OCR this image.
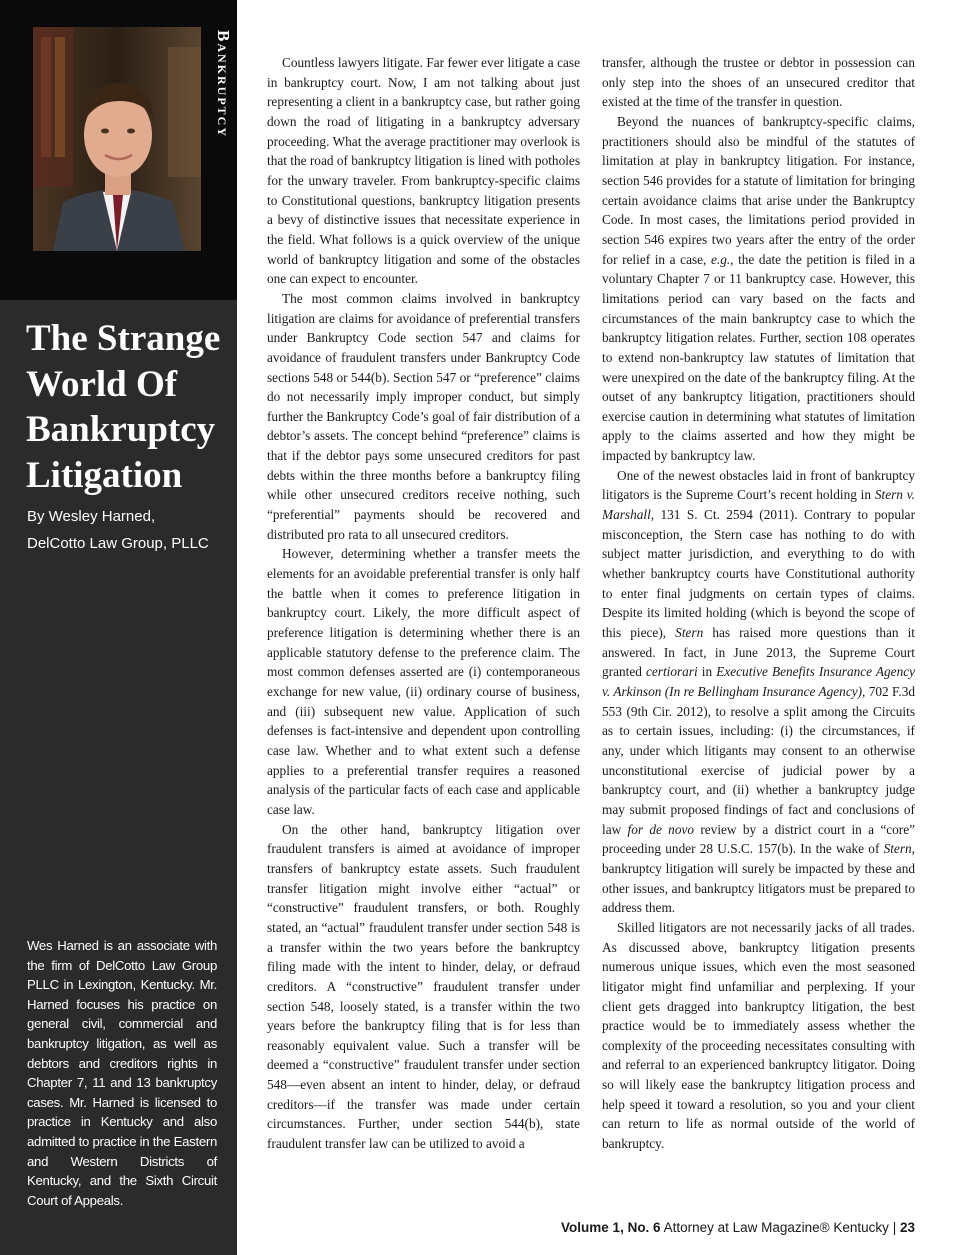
Bankruptcy
The Strange World Of Bankruptcy Litigation
By Wesley Harned,
DelCotto Law Group, PLLC
Wes Harned is an associate with the firm of DelCotto Law Group PLLC in Lexington, Kentucky. Mr. Harned focuses his practice on general civil, commercial and bankruptcy litigation, as well as debtors and creditors rights in Chapter 7, 11 and 13 bankruptcy cases. Mr. Harned is licensed to practice in Kentucky and also admitted to practice in the Eastern and Western Districts of Kentucky, and the Sixth Circuit Court of Appeals.

Countless lawyers litigate. Far fewer ever litigate a case in bankruptcy court. Now, I am not talking about just representing a client in a bankruptcy case, but rather going down the road of litigating in a bankruptcy adversary proceeding. What the average practitioner may overlook is that the road of bankruptcy litigation is lined with potholes for the unwary traveler. From bankruptcy-specific claims to Constitutional questions, bankruptcy litigation presents a bevy of distinctive issues that necessitate experience in the field. What follows is a quick overview of the unique world of bankruptcy litigation and some of the obstacles one can expect to encounter.

The most common claims involved in bankruptcy litigation are claims for avoidance of preferential transfers under Bankruptcy Code section 547 and claims for avoidance of fraudulent transfers under Bankruptcy Code sections 548 or 544(b). Section 547 or “preference” claims do not necessarily imply improper conduct, but simply further the Bankruptcy Code’s goal of fair distribution of a debtor’s assets. The concept behind “preference” claims is that if the debtor pays some unsecured creditors for past debts within the three months before a bankruptcy filing while other unsecured creditors receive nothing, such “preferential” payments should be recovered and distributed pro rata to all unsecured creditors.

However, determining whether a transfer meets the elements for an avoidable preferential transfer is only half the battle when it comes to preference litigation in bankruptcy court. Likely, the more difficult aspect of preference litigation is determining whether there is an applicable statutory defense to the preference claim. The most common defenses asserted are (i) contemporaneous exchange for new value, (ii) ordinary course of business, and (iii) subsequent new value. Application of such defenses is fact-intensive and dependent upon controlling case law. Whether and to what extent such a defense applies to a preferential transfer requires a reasoned analysis of the particular facts of each case and applicable case law.

On the other hand, bankruptcy litigation over fraudulent transfers is aimed at avoidance of improper transfers of bankruptcy estate assets. Such fraudulent transfer litigation might involve either “actual” or “constructive” fraudulent transfers, or both. Roughly stated, an “actual” fraudulent transfer under section 548 is a transfer within the two years before the bankruptcy filing made with the intent to hinder, delay, or defraud creditors. A “constructive” fraudulent transfer under section 548, loosely stated, is a transfer within the two years before the bankruptcy filing that is for less than reasonably equivalent value. Such a transfer will be deemed a “constructive” fraudulent transfer under section 548—even absent an intent to hinder, delay, or defraud creditors—if the transfer was made under certain circumstances. Further, under section 544(b), state fraudulent transfer law can be utilized to avoid a

transfer, although the trustee or debtor in possession can only step into the shoes of an unsecured creditor that existed at the time of the transfer in question.

Beyond the nuances of bankruptcy-specific claims, practitioners should also be mindful of the statutes of limitation at play in bankruptcy litigation. For instance, section 546 provides for a statute of limitation for bringing certain avoidance claims that arise under the Bankruptcy Code. In most cases, the limitations period provided in section 546 expires two years after the entry of the order for relief in a case, e.g., the date the petition is filed in a voluntary Chapter 7 or 11 bankruptcy case. However, this limitations period can vary based on the facts and circumstances of the main bankruptcy case to which the bankruptcy litigation relates. Further, section 108 operates to extend non-bankruptcy law statutes of limitation that were unexpired on the date of the bankruptcy filing. At the outset of any bankruptcy litigation, practitioners should exercise caution in determining what statutes of limitation apply to the claims asserted and how they might be impacted by bankruptcy law.

One of the newest obstacles laid in front of bankruptcy litigators is the Supreme Court’s recent holding in Stern v. Marshall, 131 S. Ct. 2594 (2011). Contrary to popular misconception, the Stern case has nothing to do with subject matter jurisdiction, and everything to do with whether bankruptcy courts have Constitutional authority to enter final judgments on certain types of claims. Despite its limited holding (which is beyond the scope of this piece), Stern has raised more questions than it answered. In fact, in June 2013, the Supreme Court granted certiorari in Executive Benefits Insurance Agency v. Arkinson (In re Bellingham Insurance Agency), 702 F.3d 553 (9th Cir. 2012), to resolve a split among the Circuits as to certain issues, including: (i) the circumstances, if any, under which litigants may consent to an otherwise unconstitutional exercise of judicial power by a bankruptcy court, and (ii) whether a bankruptcy judge may submit proposed findings of fact and conclusions of law for de novo review by a district court in a “core” proceeding under 28 U.S.C. 157(b). In the wake of Stern, bankruptcy litigation will surely be impacted by these and other issues, and bankruptcy litigators must be prepared to address them.

Skilled litigators are not necessarily jacks of all trades. As discussed above, bankruptcy litigation presents numerous unique issues, which even the most seasoned litigator might find unfamiliar and perplexing. If your client gets dragged into bankruptcy litigation, the best practice would be to immediately assess whether the complexity of the proceeding necessitates consulting with and referral to an experienced bankruptcy litigator. Doing so will likely ease the bankruptcy litigation process and help speed it toward a resolution, so you and your client can return to life as normal outside of the world of bankruptcy.

Volume 1, No. 6 Attorney at Law Magazine® Kentucky | 23
